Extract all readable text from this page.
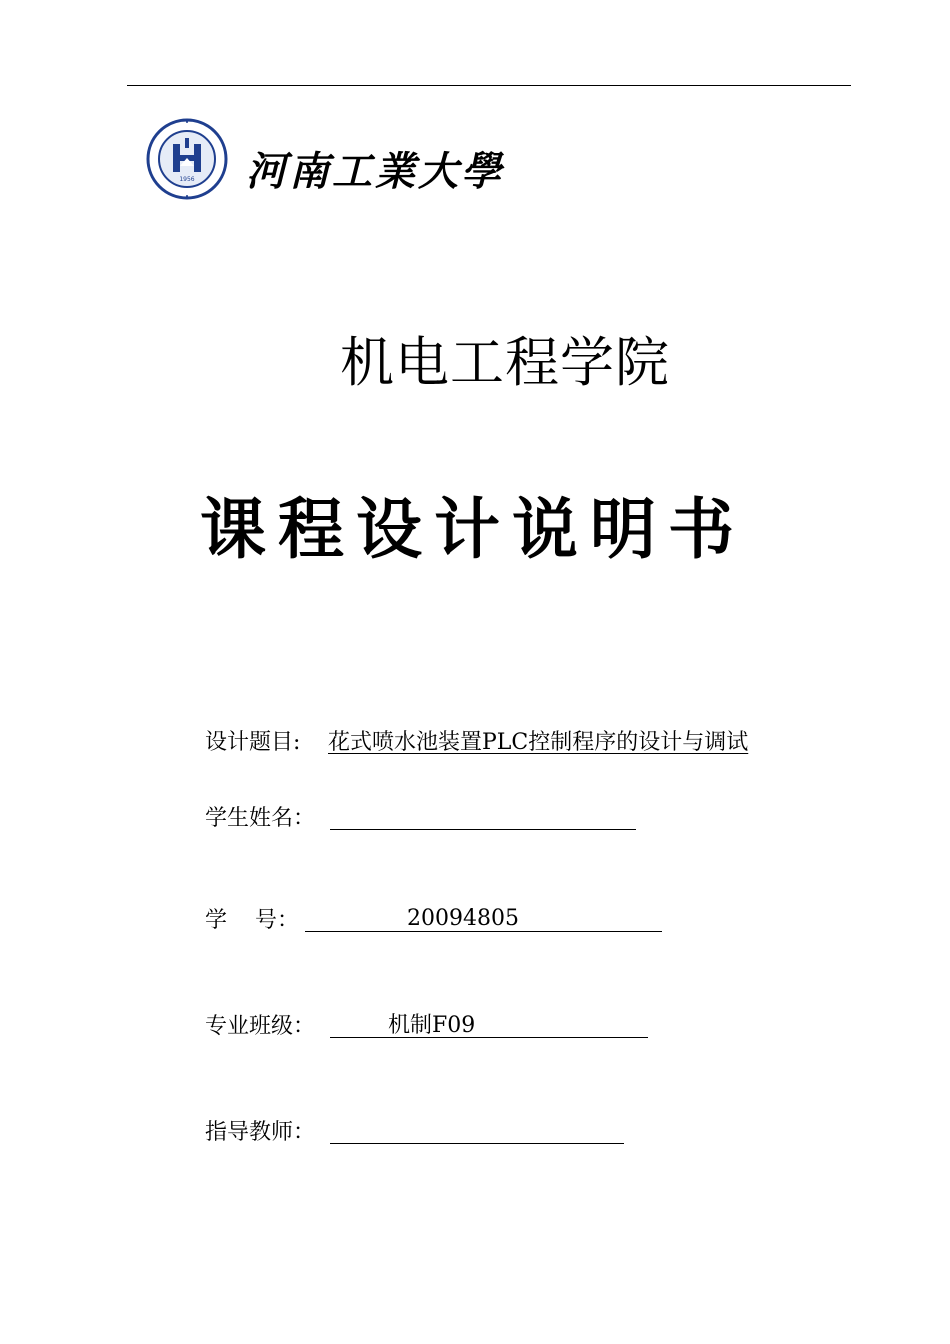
1956 河南工業大學
机电工程学院
课程设计说明书
设计题目: 花式喷水池装置PLC控制程序的设计与调试
学生姓名：
学    号：	20094805
专业班级：	机制F09
指导教师：
